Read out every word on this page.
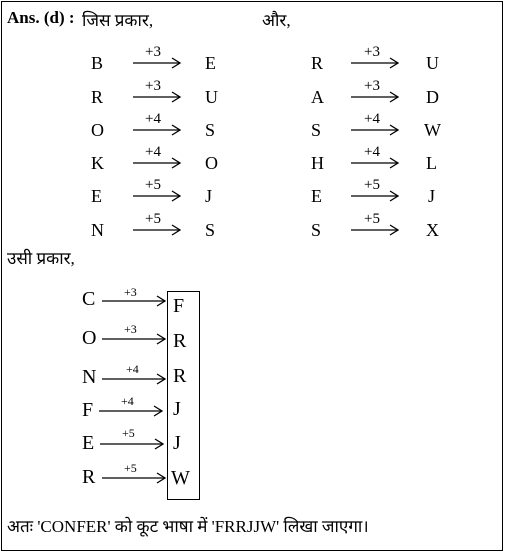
Ans. (d) : जिस प्रकार,	और,
B
+3
E
R
+3
U
O
+4
S
K
+4
O
E
+5
J
N
+5
S
R
+3
U
A
+3
D
S
+4
W
H
+4
L
E
+5
J
S
+5
X
उसी प्रकार,
C +3
F
O +3
R
N +4 R
F +4 J
E +5 J
R +5 W
अतः 'CONFER' को कूट भाषा में 'FRRJJW' लिखा जाएगा।
